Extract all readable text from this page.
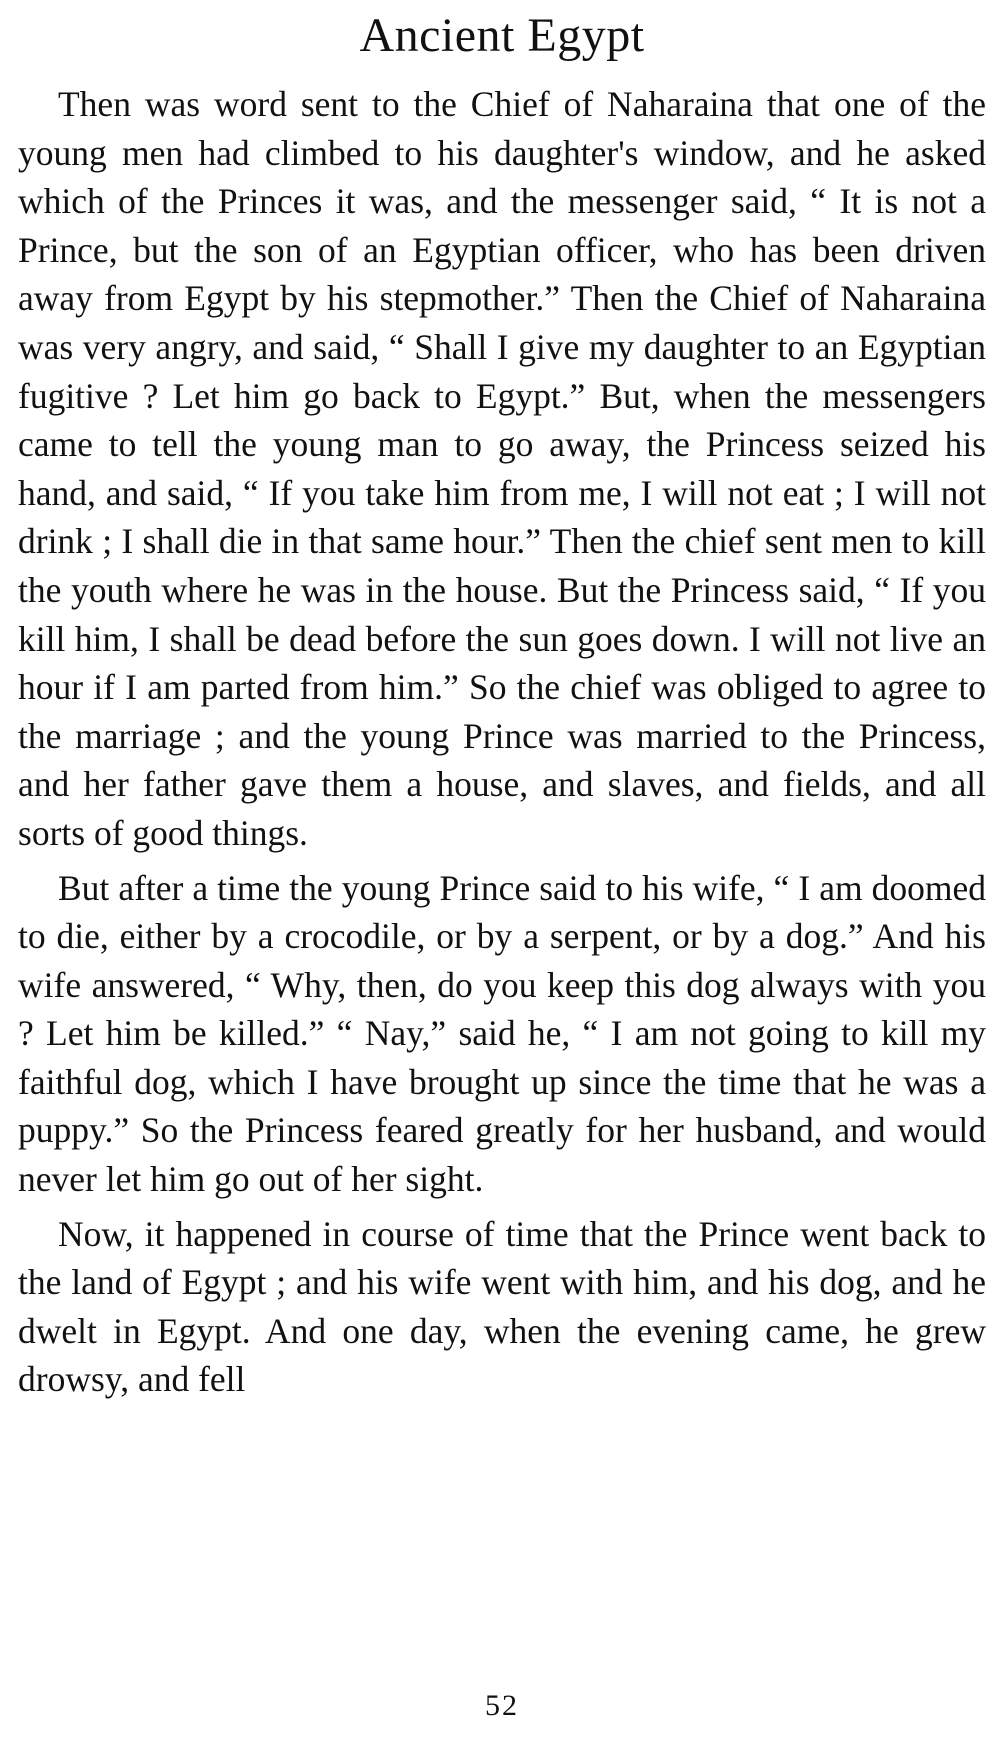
Ancient Egypt

Then was word sent to the Chief of Naharaina that one of the young men had climbed to his daughter's window, and he asked which of the Princes it was, and the messenger said, “ It is not a Prince, but the son of an Egyptian officer, who has been driven away from Egypt by his stepmother.” Then the Chief of Naharaina was very angry, and said, “ Shall I give my daughter to an Egyptian fugitive ? Let him go back to Egypt.” But, when the messengers came to tell the young man to go away, the Princess seized his hand, and said, “ If you take him from me, I will not eat ; I will not drink ; I shall die in that same hour.” Then the chief sent men to kill the youth where he was in the house. But the Princess said, “ If you kill him, I shall be dead before the sun goes down. I will not live an hour if I am parted from him.” So the chief was obliged to agree to the marriage ; and the young Prince was married to the Princess, and her father gave them a house, and slaves, and fields, and all sorts of good things.

But after a time the young Prince said to his wife, “ I am doomed to die, either by a crocodile, or by a serpent, or by a dog.” And his wife answered, “ Why, then, do you keep this dog always with you ? Let him be killed.” “ Nay,” said he, “ I am not going to kill my faithful dog, which I have brought up since the time that he was a puppy.” So the Princess feared greatly for her husband, and would never let him go out of her sight.

Now, it happened in course of time that the Prince went back to the land of Egypt ; and his wife went with him, and his dog, and he dwelt in Egypt. And one day, when the evening came, he grew drowsy, and fell

52
